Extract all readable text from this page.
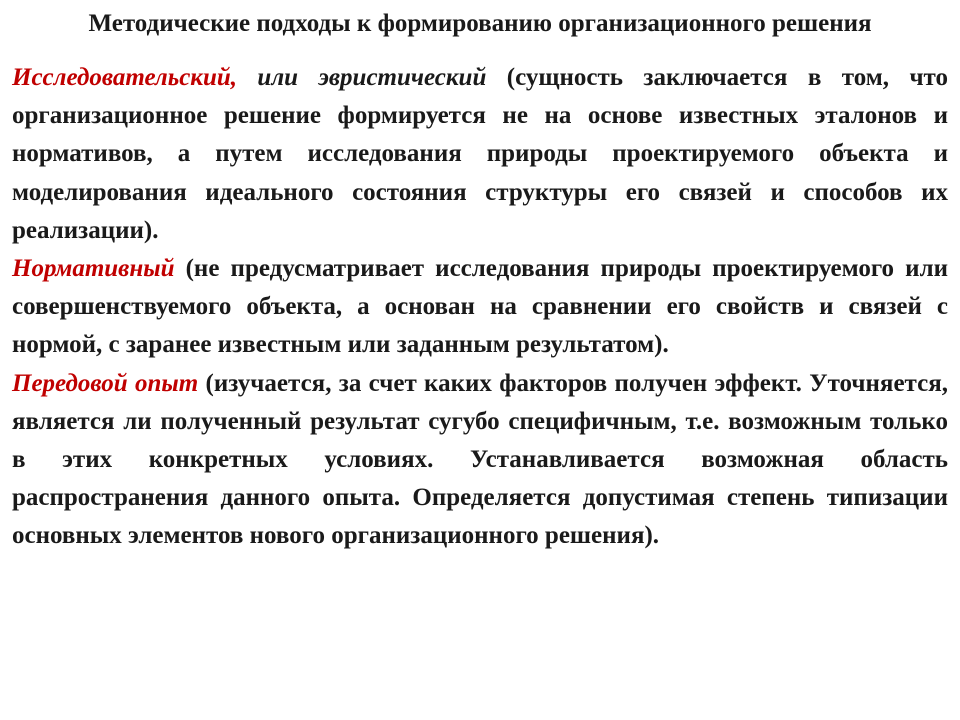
Методические подходы к формированию организационного решения

Исследовательский, или эвристический (сущность заключается в том, что организационное решение формируется не на основе известных эталонов и нормативов, а путем исследования природы проектируемого объекта и моделирования идеального состояния структуры его связей и способов их реализации).

Нормативный (не предусматривает исследования природы проектируемого или совершенствуемого объекта, а основан на сравнении его свойств и связей с нормой, с заранее известным или заданным результатом).

Передовой опыт (изучается, за счет каких факторов получен эффект. Уточняется, является ли полученный результат сугубо специфичным, т.е. возможным только в этих конкретных условиях. Устанавливается возможная область распространения данного опыта. Определяется допустимая степень типизации основных элементов нового организационного решения).
